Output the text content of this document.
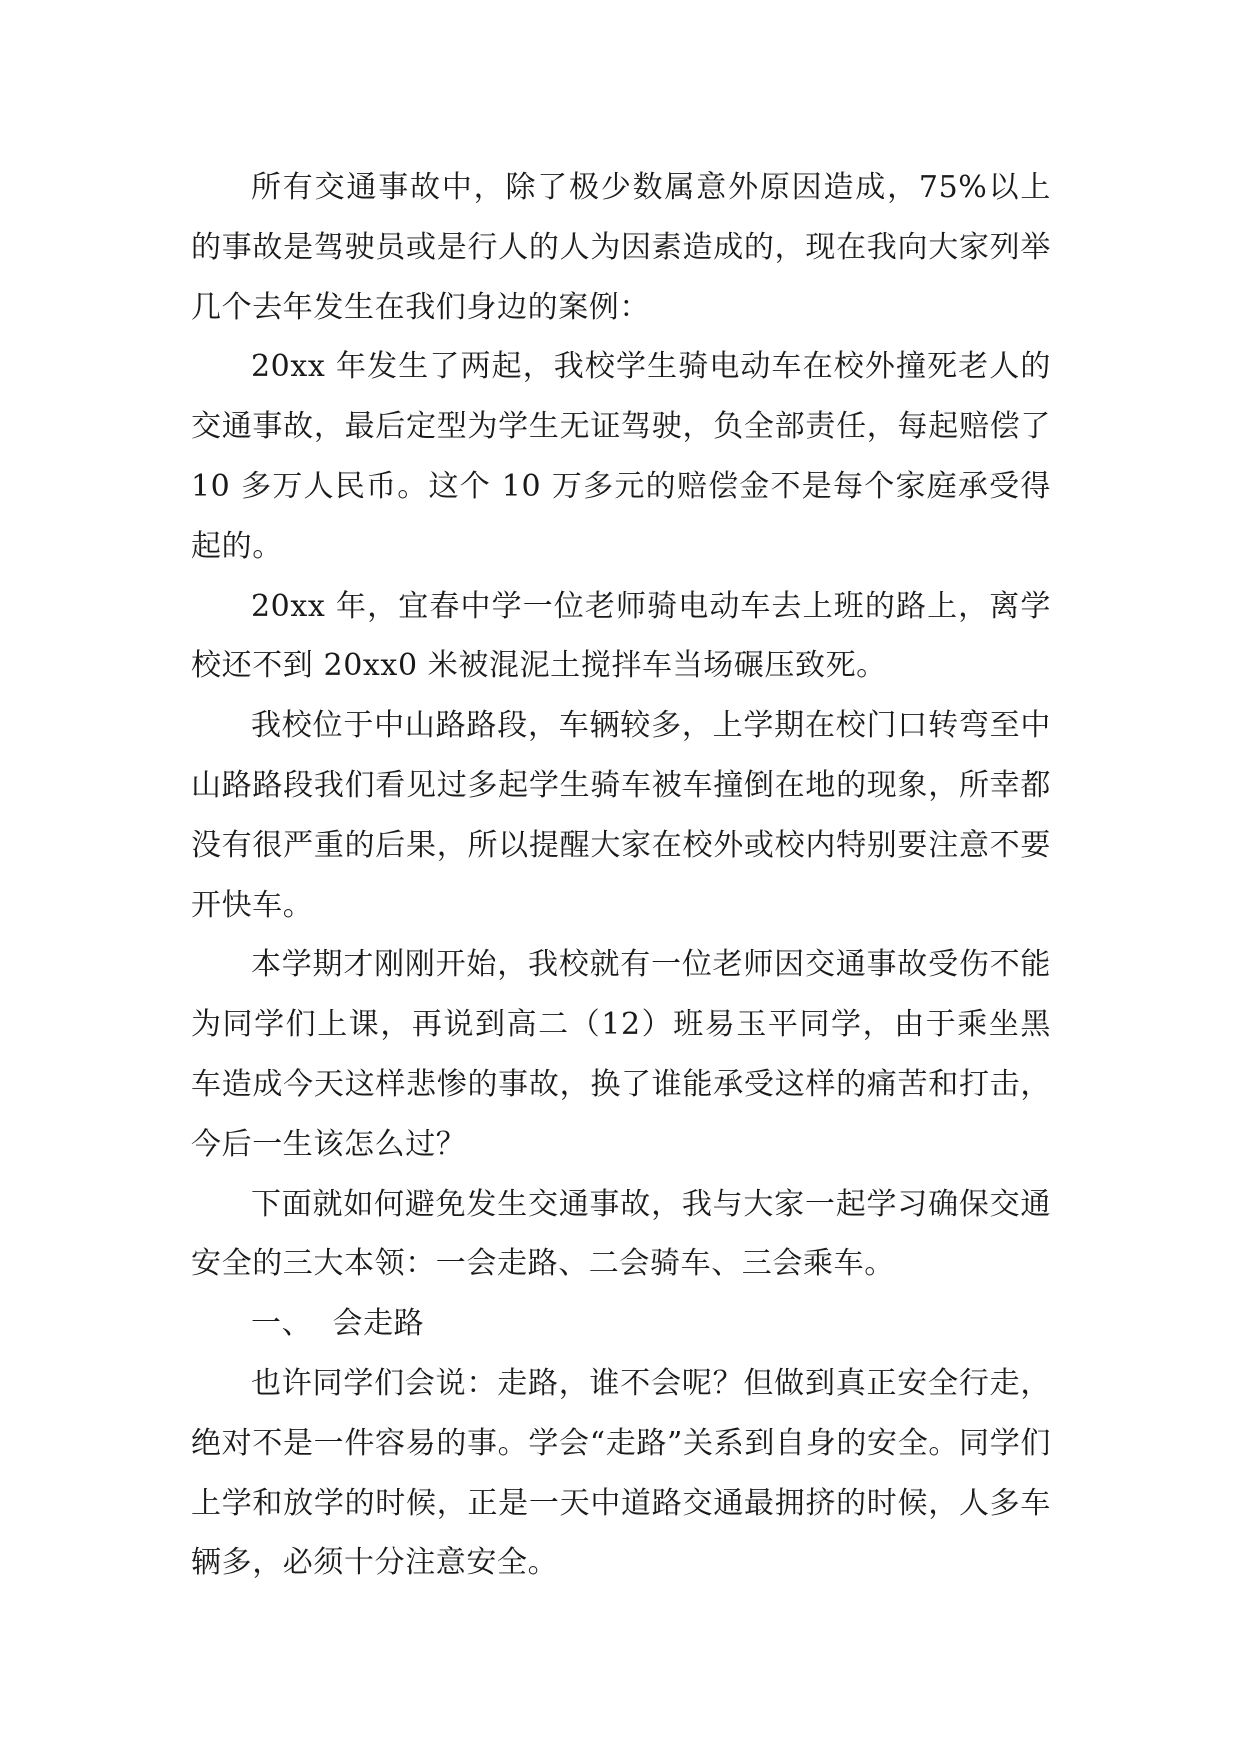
所有交通事故中，除了极少数属意外原因造成，75%以上的事故是驾驶员或是行人的人为因素造成的，现在我向大家列举几个去年发生在我们身边的案例：

20xx 年发生了两起，我校学生骑电动车在校外撞死老人的交通事故，最后定型为学生无证驾驶，负全部责任，每起赔偿了 10 多万人民币。这个 10 万多元的赔偿金不是每个家庭承受得起的。

20xx 年，宜春中学一位老师骑电动车去上班的路上，离学校还不到 20xx0 米被混泥土搅拌车当场碾压致死。

我校位于中山路路段，车辆较多，上学期在校门口转弯至中山路路段我们看见过多起学生骑车被车撞倒在地的现象，所幸都没有很严重的后果，所以提醒大家在校外或校内特别要注意不要开快车。

本学期才刚刚开始，我校就有一位老师因交通事故受伤不能为同学们上课，再说到高二（12）班易玉平同学，由于乘坐黑车造成今天这样悲惨的事故，换了谁能承受这样的痛苦和打击，今后一生该怎么过？

下面就如何避免发生交通事故，我与大家一起学习确保交通安全的三大本领：一会走路、二会骑车、三会乘车。

一、  会走路

也许同学们会说：走路，谁不会呢？但做到真正安全行走，绝对不是一件容易的事。学会“走路”关系到自身的安全。同学们上学和放学的时候，正是一天中道路交通最拥挤的时候，人多车辆多，必须十分注意安全。
